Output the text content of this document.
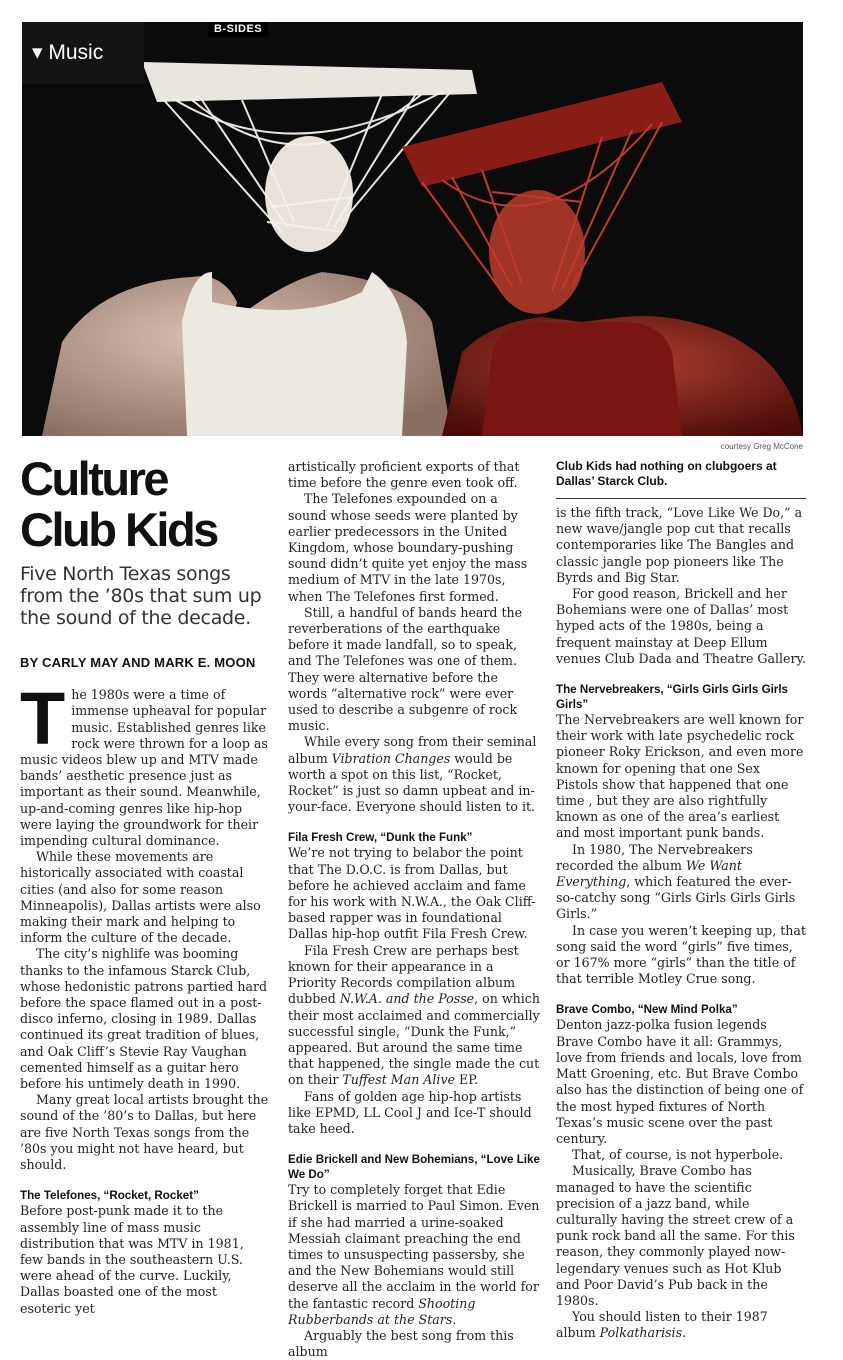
▾ Music
B-SIDES
courtesy Greg McCone
Culture
Club Kids
Five North Texas songs from the ’80s that sum up the sound of the decade.
BY CARLY MAY AND MARK E. MOON
T he 1980s were a time of immense upheaval for popular music. Established genres like rock were thrown for a loop as music videos blew up and MTV made bands’ aesthetic presence just as important as their sound. Meanwhile, up-and-coming genres like hip-hop were laying the groundwork for their impending cultural dominance.

While these movements are historically associated with coastal cities (and also for some reason Minneapolis), Dallas artists were also making their mark and helping to inform the culture of the decade.

The city’s nighlife was booming thanks to the infamous Starck Club, whose hedonistic patrons partied hard before the space flamed out in a post-disco inferno, closing in 1989. Dallas continued its great tradition of blues, and Oak Cliff’s Stevie Ray Vaughan cemented himself as a guitar hero before his untimely death in 1990.

Many great local artists brought the sound of the ’80’s to Dallas, but here are five North Texas songs from the ’80s you might not have heard, but should.

The Telefones, “Rocket, Rocket”

Before post-punk made it to the assembly line of mass music distribution that was MTV in 1981, few bands in the southeastern U.S. were ahead of the curve. Luckily, Dallas boasted one of the most esoteric yet

artistically proficient exports of that time before the genre even took off.

The Telefones expounded on a sound whose seeds were planted by earlier predecessors in the United Kingdom, whose boundary-pushing sound didn’t quite yet enjoy the mass medium of MTV in the late 1970s, when The Telefones first formed.

Still, a handful of bands heard the reverberations of the earthquake before it made landfall, so to speak, and The Telefones was one of them. They were alternative before the words “alternative rock” were ever used to describe a subgenre of rock music.

While every song from their seminal album Vibration Changes would be worth a spot on this list, “Rocket, Rocket” is just so damn upbeat and in-your-face. Everyone should listen to it.

Fila Fresh Crew, “Dunk the Funk”

We’re not trying to belabor the point that The D.O.C. is from Dallas, but before he achieved acclaim and fame for his work with N.W.A., the Oak Cliff-based rapper was in foundational Dallas hip-hop outfit Fila Fresh Crew.

Fila Fresh Crew are perhaps best known for their appearance in a Priority Records compilation album dubbed N.W.A. and the Posse, on which their most acclaimed and commercially successful single, “Dunk the Funk,” appeared. But around the same time that happened, the single made the cut on their Tuffest Man Alive EP.

Fans of golden age hip-hop artists like EPMD, LL Cool J and Ice-T should take heed.

Edie Brickell and New Bohemians, “Love Like We Do”

Try to completely forget that Edie Brickell is married to Paul Simon. Even if she had married a urine-soaked Messiah claimant preaching the end times to unsuspecting passersby, she and the New Bohemians would still deserve all the acclaim in the world for the fantastic record Shooting Rubberbands at the Stars.

Arguably the best song from this album

Club Kids had nothing on clubgoers at Dallas’ Starck Club.

is the fifth track, “Love Like We Do,” a new wave/jangle pop cut that recalls contemporaries like The Bangles and classic jangle pop pioneers like The Byrds and Big Star.

For good reason, Brickell and her Bohemians were one of Dallas’ most hyped acts of the 1980s, being a frequent mainstay at Deep Ellum venues Club Dada and Theatre Gallery.

The Nervebreakers, “Girls Girls Girls Girls Girls”

The Nervebreakers are well known for their work with late psychedelic rock pioneer Roky Erickson, and even more known for opening that one Sex Pistols show that happened that one time , but they are also rightfully known as one of the area’s earliest and most important punk bands.

In 1980, The Nervebreakers recorded the album We Want Everything, which featured the ever-so-catchy song “Girls Girls Girls Girls Girls.”

In case you weren’t keeping up, that song said the word “girls” five times, or 167% more “girls” than the title of that terrible Motley Crue song.

Brave Combo, “New Mind Polka”

Denton jazz-polka fusion legends Brave Combo have it all: Grammys, love from friends and locals, love from Matt Groening, etc. But Brave Combo also has the distinction of being one of the most hyped fixtures of North Texas’s music scene over the past century.

That, of course, is not hyperbole.

Musically, Brave Combo has managed to have the scientific precision of a jazz band, while culturally having the street crew of a punk rock band all the same. For this reason, they commonly played now-legendary venues such as Hot Klub and Poor David’s Pub back in the 1980s.

You should listen to their 1987 album Polkatharisis.
